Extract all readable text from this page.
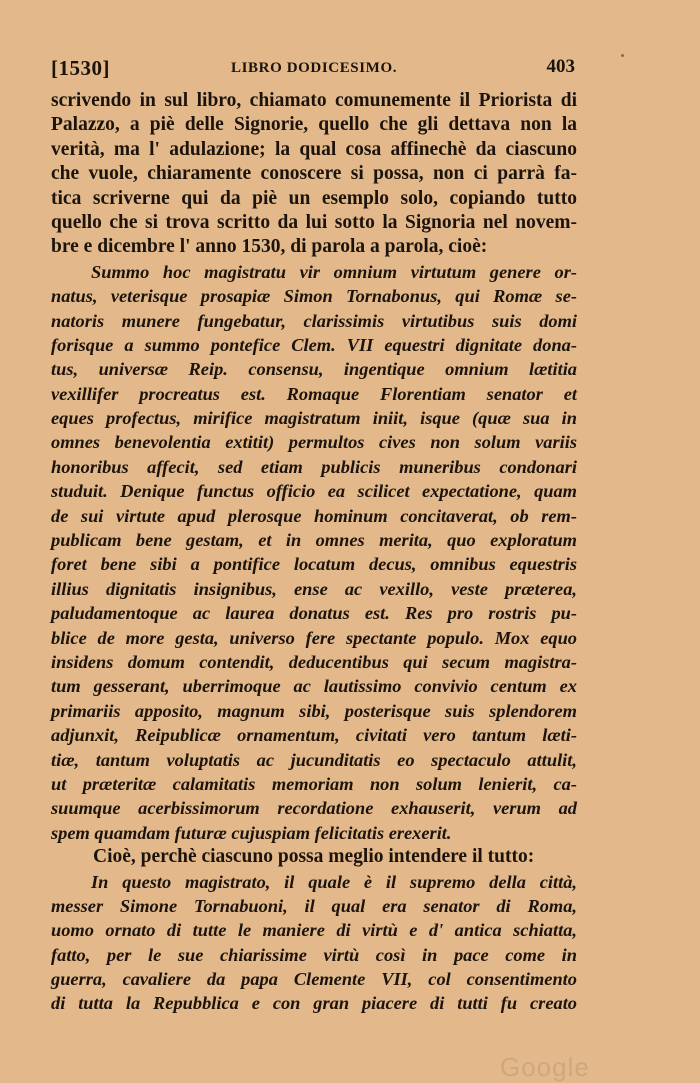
[1530]	LIBRO DODICESIMO.	403
scrivendo in sul libro, chiamato comunemente il Priorista di
Palazzo, a piè delle Signorie, quello che gli dettava non la
verità, ma l' adulazione; la qual cosa affinechè da ciascuno
che vuole, chiaramente conoscere si possa, non ci parrà fa-
tica scriverne qui da piè un esemplo solo, copiando tutto
quello che si trova scritto da lui sotto la Signoria nel novem-
bre e dicembre l' anno 1530, di parola a parola, cioè:
Summo hoc magistratu vir omnium virtutum genere or-
natus, veterisque prosapiæ Simon Tornabonus, qui Romæ se-
natoris munere fungebatur, clarissimis virtutibus suis domi
forisque a summo pontefice Clem. VII equestri dignitate dona-
tus, universæ Reip. consensu, ingentique omnium lætitia
vexillifer procreatus est. Romaque Florentiam senator et
eques profectus, mirifice magistratum iniit, isque (quæ sua in
omnes benevolentia extitit) permultos cives non solum variis
honoribus affecit, sed etiam publicis muneribus condonari
studuit. Denique functus officio ea scilicet expectatione, quam
de sui virtute apud plerosque hominum concitaverat, ob rem-
publicam bene gestam, et in omnes merita, quo exploratum
foret bene sibi a pontifice locatum decus, omnibus equestris
illius dignitatis insignibus, ense ac vexillo, veste præterea,
paludamentoque ac laurea donatus est. Res pro rostris pu-
blice de more gesta, universo fere spectante populo. Mox equo
insidens domum contendit, deducentibus qui secum magistra-
tum gesserant, uberrimoque ac lautissimo convivio centum ex
primariis apposito, magnum sibi, posterisque suis splendorem
adjunxit, Reipublicæ ornamentum, civitati vero tantum læti-
tiæ, tantum voluptatis ac jucunditatis eo spectaculo attulit,
ut præteritæ calamitatis memoriam non solum lenierit, ca-
suumque acerbissimorum recordatione exhauserit, verum ad
spem quamdam futuræ cujuspiam felicitatis erexerit.
Cioè, perchè ciascuno possa meglio intendere il tutto:
In questo magistrato, il quale è il supremo della città,
messer Simone Tornabuoni, il qual era senator di Roma,
uomo ornato di tutte le maniere di virtù e d' antica schiatta,
fatto, per le sue chiarissime virtù così in pace come in
guerra, cavaliere da papa Clemente VII, col consentimento
di tutta la Repubblica e con gran piacere di tutti fu creato
Google
